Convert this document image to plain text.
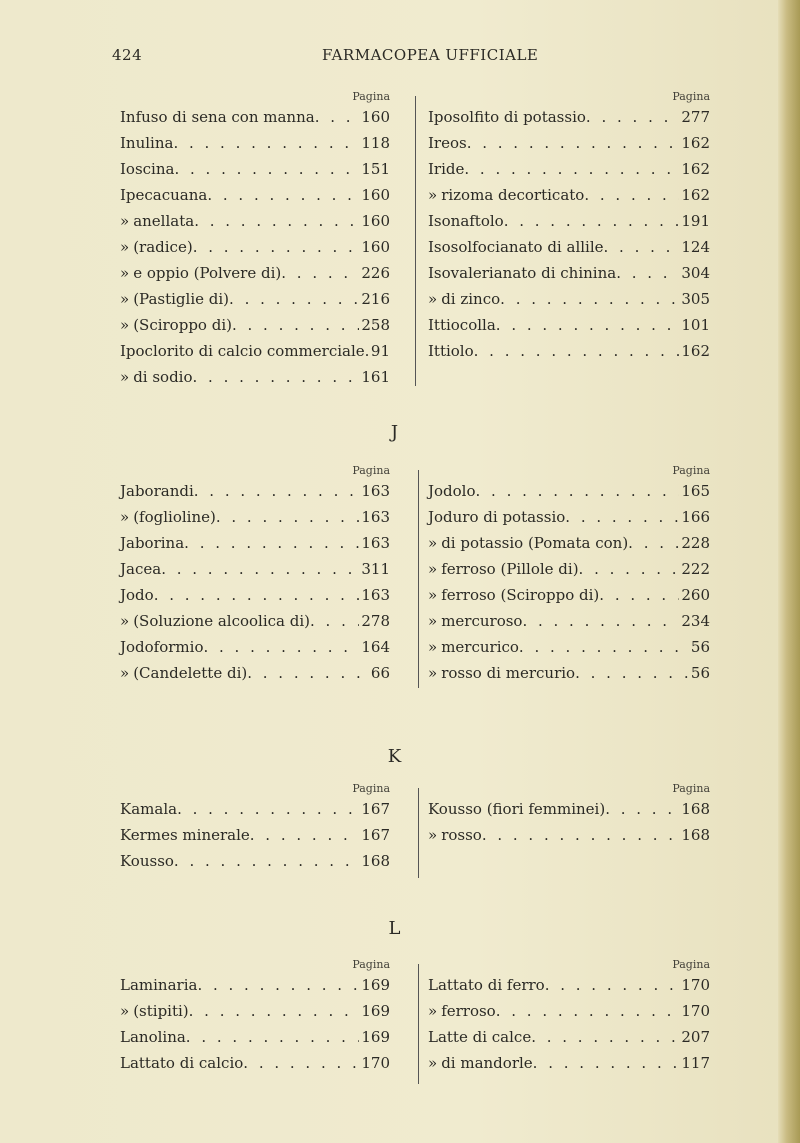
424	FARMACOPEA UFFICIALE
Pagina
Infuso di sena con manna . . .	160
Inulina . . .	118
Ioscina . . .	151
Ipecacuana . . .	160
» anellata . . .	160
» (radice) . . .	160
» e oppio (Polvere di) . . .	226
» (Pastiglie di) . . .	216
» (Sciroppo di) . . .	258
Ipoclorito di calcio commerciale . . . 91
» di sodio . . .	161
Pagina
Iposolfito di potassio . . .	277
Ireos . . .	162
Iride . . .	162
» rizoma decorticato . . .	162
Isonaftolo . . .	191
Isosolfocianato di allile . . .	124
Isovalerianato di chinina . . .	304
» di zinco . . .	305
Ittiocolla . . .	101
Ittiolo . . .	162
J
Pagina
Jaborandi . . .	163
» (foglioline) . . .	163
Jaborina . . .	163
Jacea . . .	311
Jodo . . .	163
» (Soluzione alcoolica di) . . .	278
Jodoformio . . .	164
» (Candelette di) . . .	66
Pagina
Jodolo . . .	165
Joduro di potassio . . .	166
» di potassio (Pomata con) . . .	228
» ferroso (Pillole di) . . .	222
» ferroso (Sciroppo di) . . .	260
» mercuroso . . .	234
» mercurico . . .	56
» rosso di mercurio . . .	56
K
Pagina
Kamala . . .	167
Kermes minerale . . .	167
Kousso . . .	168
Pagina
Kousso (fiori femminei) . . .	168
» rosso . . .	168
L
Pagina
Laminaria . . .	169
» (stipiti) . . .	169
Lanolina . . .	169
Lattato di calcio . . .	170
Pagina
Lattato di ferro . . .	170
» ferroso . . .	170
Latte di calce . . .	207
» di mandorle . . .	117
